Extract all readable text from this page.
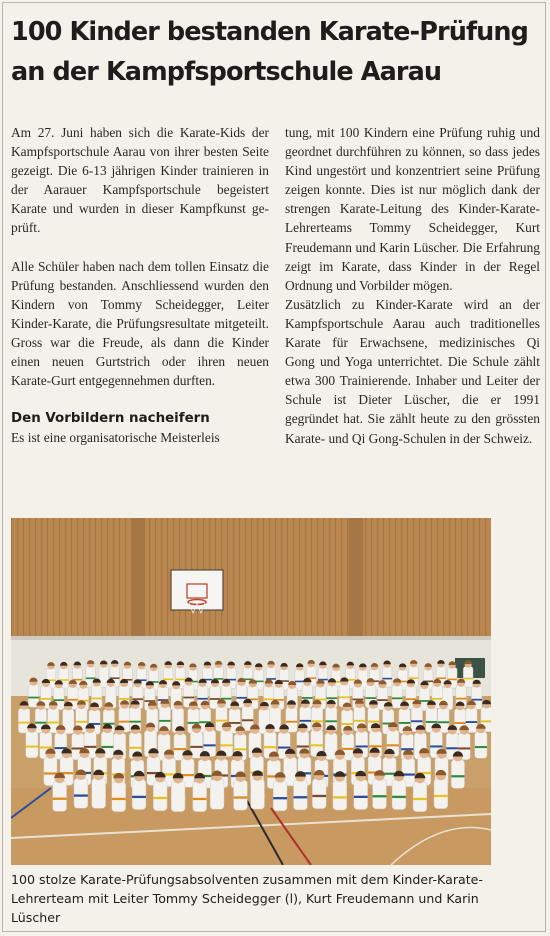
100 Kinder bestanden Karate-Prüfung an der Kampfsportschule Aarau

Am 27. Juni haben sich die Karate-Kids der Kampfsportschule Aarau von ihrer besten Seite gezeigt. Die 6-13 jährigen Kinder trainieren in der Aarauer Kampfsportschule begeistert Karate und wurden in dieser Kampfkunst geprüft.

Alle Schüler haben nach dem tollen Einsatz die Prüfung bestanden. Anschliessend wurden den Kindern von Tommy Scheidegger, Leiter Kinder-Karate, die Prüfungsresultate mitgeteilt. Gross war die Freude, als dann die Kinder einen neuen Gurtstrich oder ihren neuen Karate-Gurt entgegennehmen durften.

Den Vorbildern nacheifern

Es ist eine organisatorische Meisterleis

tung, mit 100 Kindern eine Prüfung ruhig und geordnet durchführen zu können, so dass jedes Kind ungestört und konzentriert seine Prüfung zeigen konnte. Dies ist nur möglich dank der strengen Karate-Leitung des Kinder-Karate-Lehrerteams Tommy Scheidegger, Kurt Freudemann und Karin Lüscher. Die Erfahrung zeigt im Karate, dass Kinder in der Regel Ordnung und Vorbilder mögen.

Zusätzlich zu Kinder-Karate wird an der Kampfsportschule Aarau auch traditionelles Karate für Erwachsene, medizinisches Qi Gong und Yoga unterrichtet. Die Schule zählt etwa 300 Trainierende. Inhaber und Leiter der Schule ist Dieter Lüscher, die er 1991 gegründet hat. Sie zählt heute zu den grössten Karate- und Qi Gong-Schulen in der Schweiz.

100 stolze Karate-Prüfungsabsolventen zusammen mit dem Kinder-Karate-Lehrerteam mit Leiter Tommy Scheidegger (l), Kurt Freudemann und Karin Lüscher
